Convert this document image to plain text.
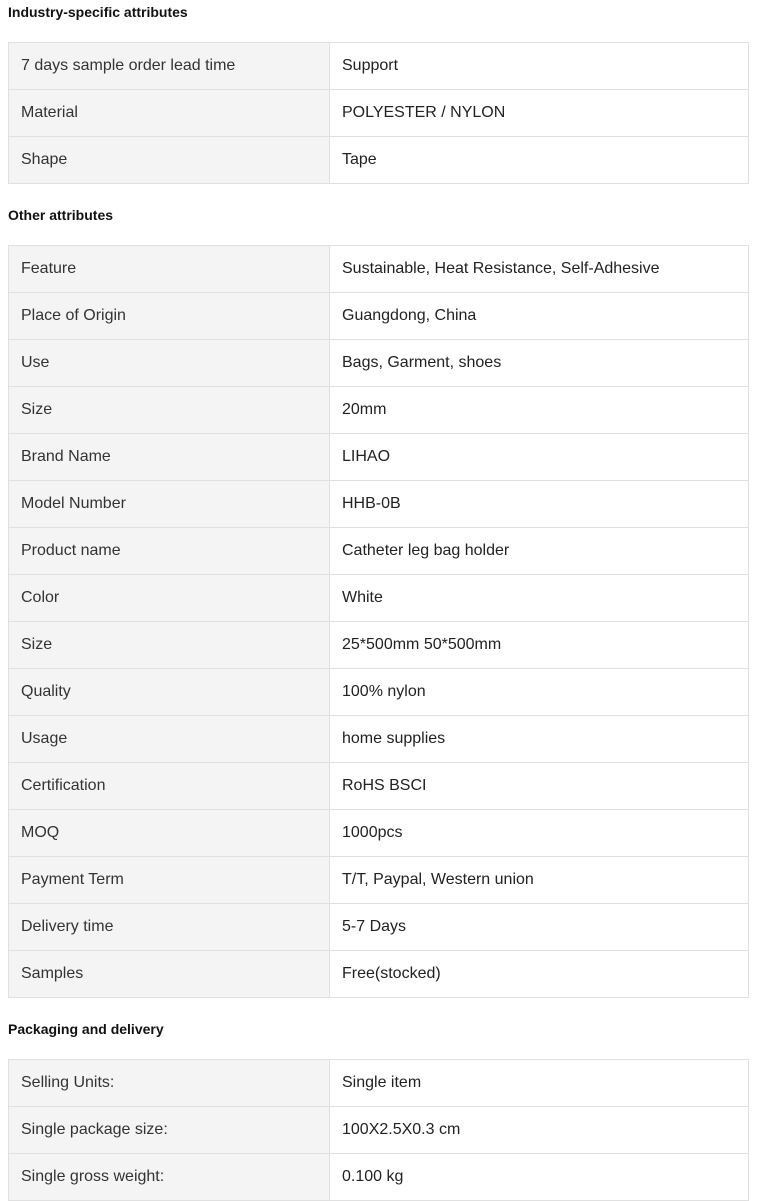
Industry-specific attributes
7 days sample order lead time	Support
Material	POLYESTER / NYLON
Shape	Tape
Other attributes
Feature	Sustainable, Heat Resistance, Self-Adhesive
Place of Origin	Guangdong, China
Use	Bags, Garment, shoes
Size	20mm
Brand Name	LIHAO
Model Number	HHB-0B
Product name	Catheter leg bag holder
Color	White
Size	25*500mm 50*500mm
Quality	100% nylon
Usage	home supplies
Certification	RoHS BSCI
MOQ	1000pcs
Payment Term	T/T, Paypal, Western union
Delivery time	5-7 Days
Samples	Free(stocked)
Packaging and delivery
Selling Units:	Single item
Single package size:	100X2.5X0.3 cm
Single gross weight:	0.100 kg
